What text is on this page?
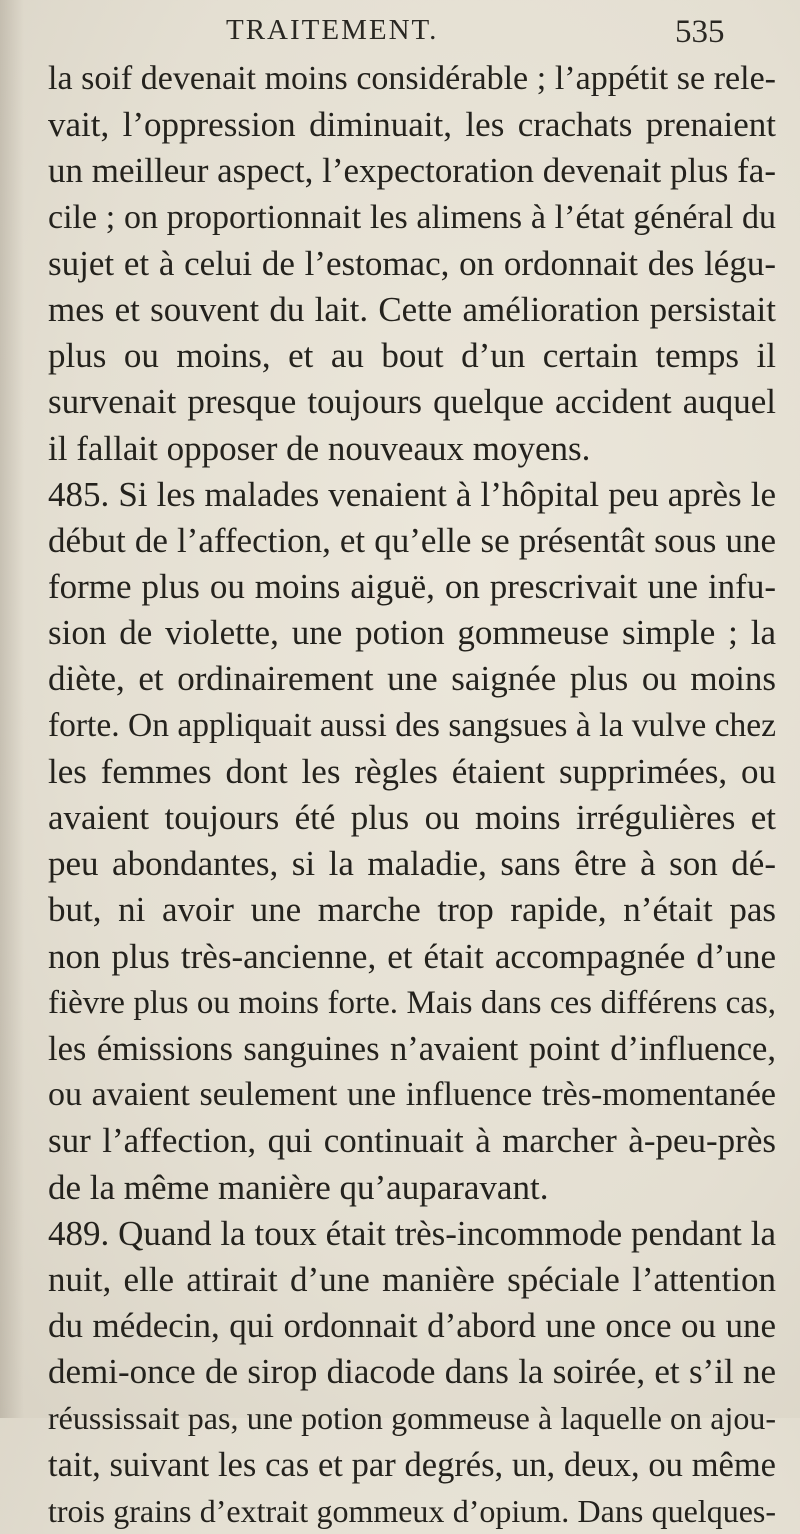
TRAITEMENT.	535
la soif devenait moins considérable ; l’appétit se rele-
vait, l’oppression diminuait, les crachats prenaient
un meilleur aspect, l’expectoration devenait plus fa-
cile ; on proportionnait les alimens à l’état général du
sujet et à celui de l’estomac, on ordonnait des légu-
mes et souvent du lait. Cette amélioration persistait
plus ou moins, et au bout d’un certain temps il
survenait presque toujours quelque accident auquel
il fallait opposer de nouveaux moyens.
485. Si les malades venaient à l’hôpital peu après le
début de l’affection, et qu’elle se présentât sous une
forme plus ou moins aiguë, on prescrivait une infu-
sion de violette, une potion gommeuse simple ; la
diète, et ordinairement une saignée plus ou moins
forte. On appliquait aussi des sangsues à la vulve chez
les femmes dont les règles étaient supprimées, ou
avaient toujours été plus ou moins irrégulières et
peu abondantes, si la maladie, sans être à son dé-
but, ni avoir une marche trop rapide, n’était pas
non plus très-ancienne, et était accompagnée d’une
fièvre plus ou moins forte. Mais dans ces différens cas,
les émissions sanguines n’avaient point d’influence,
ou avaient seulement une influence très-momentanée
sur l’affection, qui continuait à marcher à-peu-près
de la même manière qu’auparavant.
489. Quand la toux était très-incommode pendant la
nuit, elle attirait d’une manière spéciale l’attention
du médecin, qui ordonnait d’abord une once ou une
demi-once de sirop diacode dans la soirée, et s’il ne
réussissait pas, une potion gommeuse à laquelle on ajou-
tait, suivant les cas et par degrés, un, deux, ou même
trois grains d’extrait gommeux d’opium. Dans quelques-
